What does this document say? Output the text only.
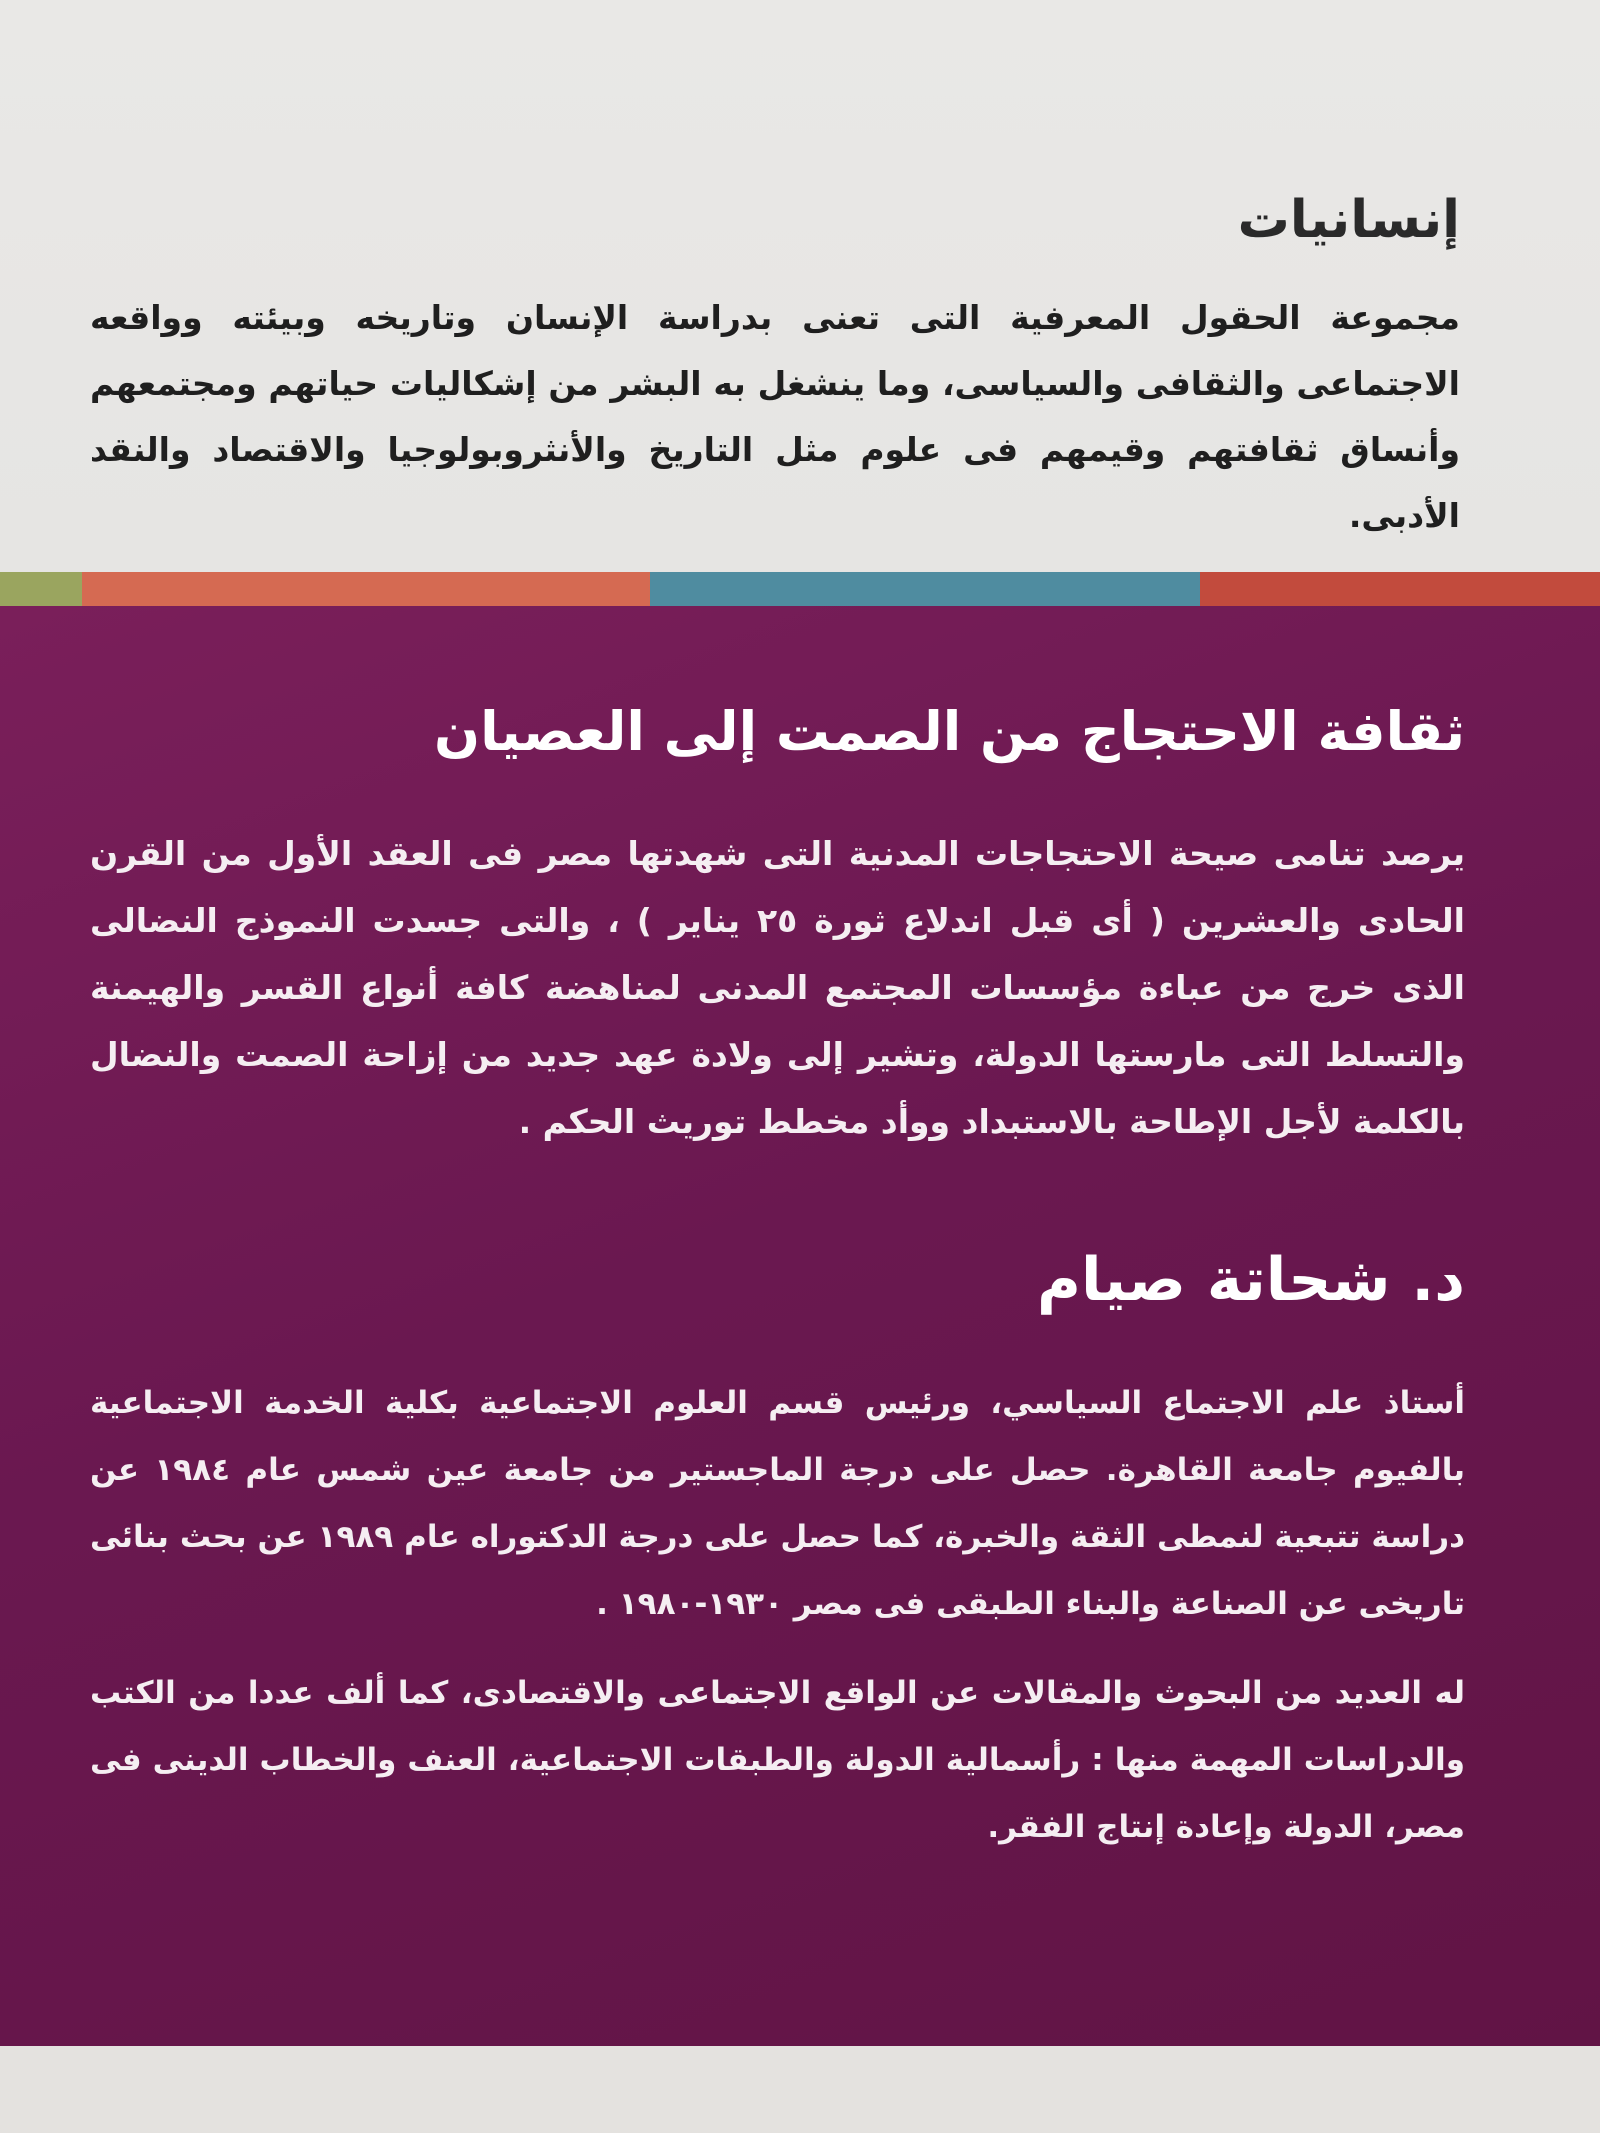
إنسانيات

مجموعة الحقول المعرفية التى تعنى بدراسة الإنسان وتاريخه وبيئته وواقعه الاجتماعى والثقافى والسياسى، وما ينشغل به البشر من إشكاليات حياتهم ومجتمعهم وأنساق ثقافتهم وقيمهم فى علوم مثل التاريخ والأنثروبولوجيا والاقتصاد والنقد الأدبى.

ثقافة الاحتجاج من الصمت إلى العصيان

يرصد تنامى صيحة الاحتجاجات المدنية التى شهدتها مصر فى العقد الأول من القرن الحادى والعشرين ( أى قبل اندلاع ثورة ٢٥ يناير ) ، والتى جسدت النموذج النضالى الذى خرج من عباءة مؤسسات المجتمع المدنى لمناهضة كافة أنواع القسر والهيمنة والتسلط التى مارستها الدولة، وتشير إلى ولادة عهد جديد من إزاحة الصمت والنضال بالكلمة لأجل الإطاحة بالاستبداد ووأد مخطط توريث الحكم .

د. شحاتة صيام

أستاذ علم الاجتماع السياسي، ورئيس قسم العلوم الاجتماعية بكلية الخدمة الاجتماعية بالفيوم جامعة القاهرة. حصل على درجة الماجستير من جامعة عين شمس عام ١٩٨٤ عن دراسة تتبعية لنمطى الثقة والخبرة، كما حصل على درجة الدكتوراه عام ١٩٨٩ عن بحث بنائى تاريخى عن الصناعة والبناء الطبقى فى مصر ١٩٣٠-١٩٨٠ .

له العديد من البحوث والمقالات عن الواقع الاجتماعى والاقتصادى، كما ألف عددا من الكتب والدراسات المهمة منها : رأسمالية الدولة والطبقات الاجتماعية، العنف والخطاب الدينى فى مصر، الدولة وإعادة إنتاج الفقر.
